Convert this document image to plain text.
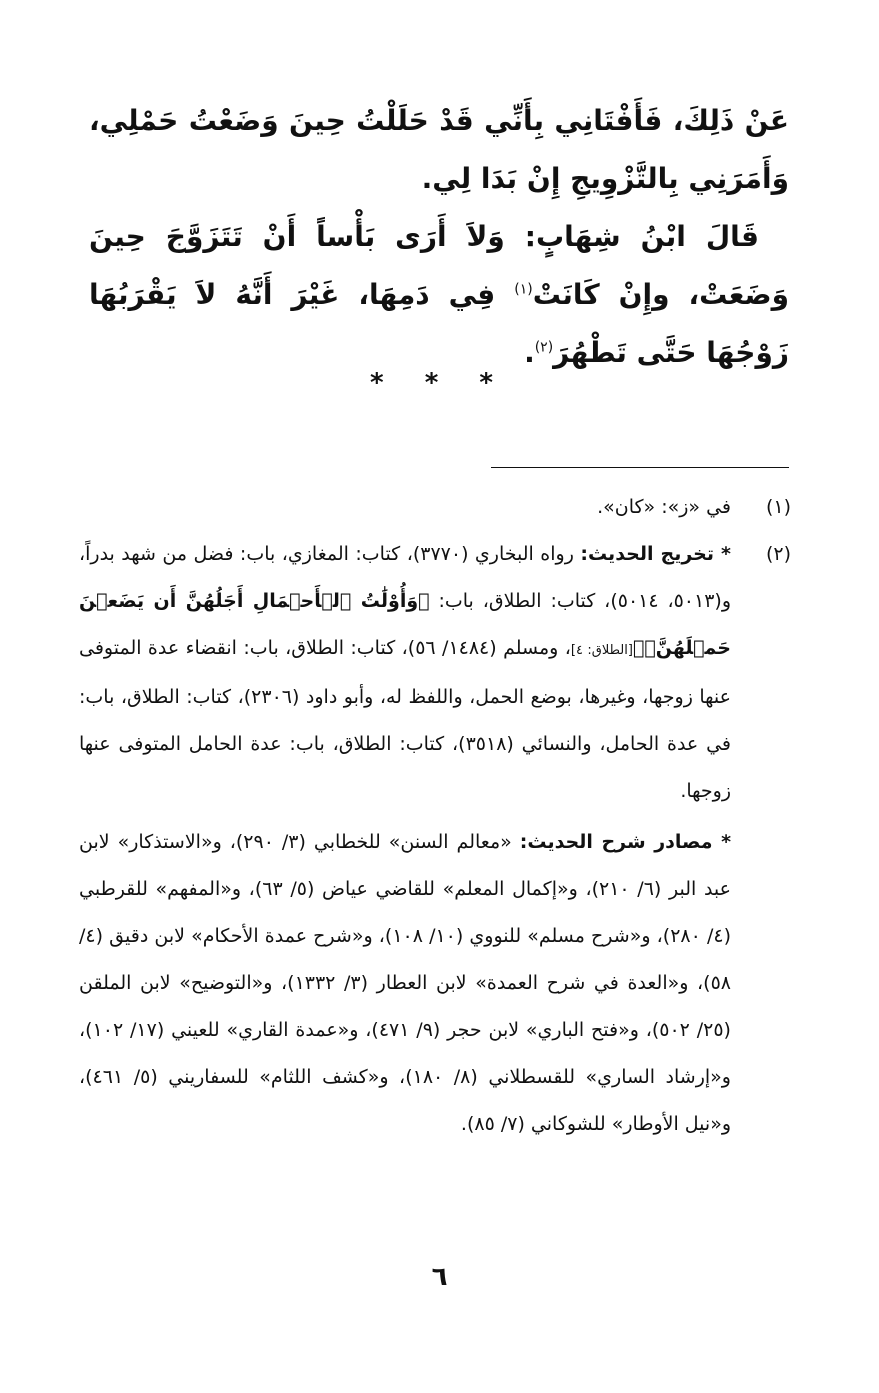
عَنْ ذَلِكَ، فَأَفْتَانِي بِأَنِّي قَدْ حَلَلْتُ حِينَ وَضَعْتُ حَمْلِي، وَأَمَرَنِي بِالتَّزْوِيجِ إِنْ بَدَا لِي.

قَالَ ابْنُ شِهَابٍ: وَلاَ أَرَى بَأْساً أَنْ تَتَزَوَّجَ حِينَ وَضَعَتْ، وإِنْ كَانَتْ$^{(١)}$ فِي دَمِهَا، غَيْرَ أَنَّهُ لاَ يَقْرَبُهَا زَوْجُهَا حَتَّى تَطْهُرَ$^{(٢)}$.

* * *
(١)

في «ز»: «كان».

(٢)

* تخريج الحديث: رواه البخاري (٣٧٧٠)، كتاب: المغازي، باب: فضل من شهد بدراً، و(٥٠١٣، ٥٠١٤)، كتاب: الطلاق، باب: ﴿وَأُوْلَٰتُ ٱلۡأَحۡمَالِ أَجَلُهُنَّ أَن يَضَعۡنَ حَمۡلَهُنَّۚ﴾[الطلاق: ٤]، ومسلم (١٤٨٤/ ٥٦)، كتاب: الطلاق، باب: انقضاء عدة المتوفى عنها زوجها، وغيرها، بوضع الحمل، واللفظ له، وأبو داود (٢٣٠٦)، كتاب: الطلاق، باب: في عدة الحامل، والنسائي (٣٥١٨)، كتاب: الطلاق، باب: عدة الحامل المتوفى عنها زوجها.

* مصادر شرح الحديث: «معالم السنن» للخطابي (٣/ ٢٩٠)، و«الاستذكار» لابن عبد البر (٦/ ٢١٠)، و«إكمال المعلم» للقاضي عياض (٥/ ٦٣)، و«المفهم» للقرطبي (٤/ ٢٨٠)، و«شرح مسلم» للنووي (١٠/ ١٠٨)، و«شرح عمدة الأحكام» لابن دقيق (٤/ ٥٨)، و«العدة في شرح العمدة» لابن العطار (٣/ ١٣٣٢)، و«التوضيح» لابن الملقن (٢٥/ ٥٠٢)، و«فتح الباري» لابن حجر (٩/ ٤٧١)، و«عمدة القاري» للعيني (١٧/ ١٠٢)، و«إرشاد الساري» للقسطلاني (٨/ ١٨٠)، و«كشف اللثام» للسفاريني (٥/ ٤٦١)، و«نيل الأوطار» للشوكاني (٧/ ٨٥).

٦
